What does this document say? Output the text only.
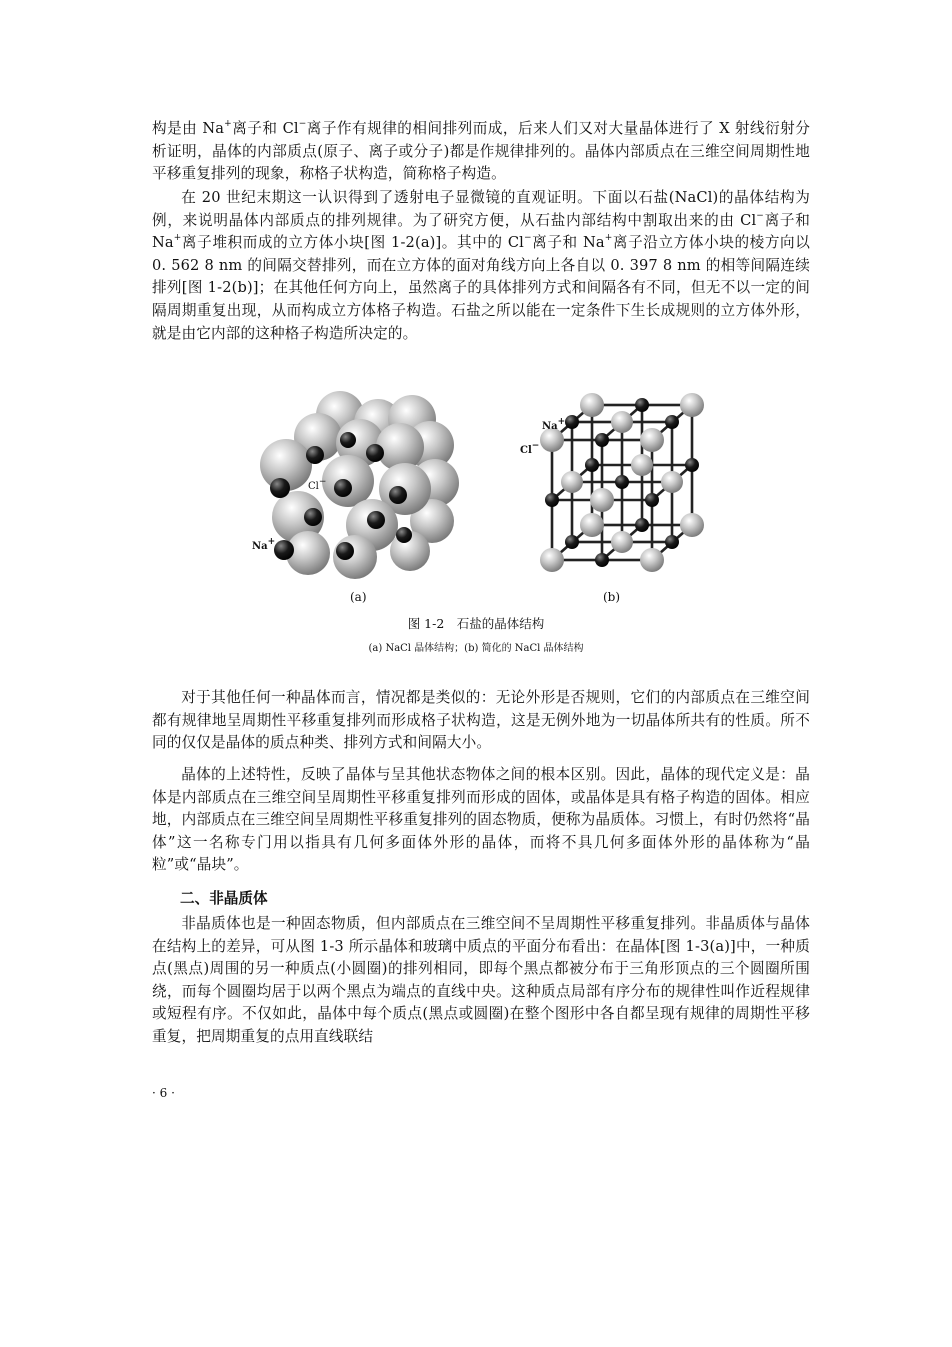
构是由 Na+离子和 Cl−离子作有规律的相间排列而成，后来人们又对大量晶体进行了 X 射线衍射分析证明，晶体的内部质点(原子、离子或分子)都是作规律排列的。晶体内部质点在三维空间周期性地平移重复排列的现象，称格子状构造，简称格子构造。

在 20 世纪末期这一认识得到了透射电子显微镜的直观证明。下面以石盐(NaCl)的晶体结构为例，来说明晶体内部质点的排列规律。为了研究方便，从石盐内部结构中割取出来的由 Cl−离子和 Na+离子堆积而成的立方体小块[图 1-2(a)]。其中的 Cl−离子和 Na+离子沿立方体小块的棱方向以 0. 562 8 nm 的间隔交替排列，而在立方体的面对角线方向上各自以 0. 397 8 nm 的相等间隔连续排列[图 1-2(b)]；在其他任何方向上，虽然离子的具体排列方式和间隔各有不同，但无不以一定的间隔周期重复出现，从而构成立方体格子构造。石盐之所以能在一定条件下生长成规则的立方体外形，就是由它内部的这种格子构造所决定的。

Cl−
Na+
Na+
Cl−
(a)	(b)
图 1-2　石盐的晶体结构
(a) NaCl 晶体结构；(b) 简化的 NaCl 晶体结构

对于其他任何一种晶体而言，情况都是类似的：无论外形是否规则，它们的内部质点在三维空间都有规律地呈周期性平移重复排列而形成格子状构造，这是无例外地为一切晶体所共有的性质。所不同的仅仅是晶体的质点种类、排列方式和间隔大小。

晶体的上述特性，反映了晶体与呈其他状态物体之间的根本区别。因此，晶体的现代定义是：晶体是内部质点在三维空间呈周期性平移重复排列而形成的固体，或晶体是具有格子构造的固体。相应地，内部质点在三维空间呈周期性平移重复排列的固态物质，便称为晶质体。习惯上，有时仍然将“晶体”这一名称专门用以指具有几何多面体外形的晶体，而将不具几何多面体外形的晶体称为“晶粒”或“晶块”。

二、非晶质体

非晶质体也是一种固态物质，但内部质点在三维空间不呈周期性平移重复排列。非晶质体与晶体在结构上的差异，可从图 1-3 所示晶体和玻璃中质点的平面分布看出：在晶体[图 1-3(a)]中，一种质点(黑点)周围的另一种质点(小圆圈)的排列相同，即每个黑点都被分布于三角形顶点的三个圆圈所围绕，而每个圆圈均居于以两个黑点为端点的直线中央。这种质点局部有序分布的规律性叫作近程规律或短程有序。不仅如此，晶体中每个质点(黑点或圆圈)在整个图形中各自都呈现有规律的周期性平移重复，把周期重复的点用直线联结

· 6 ·
